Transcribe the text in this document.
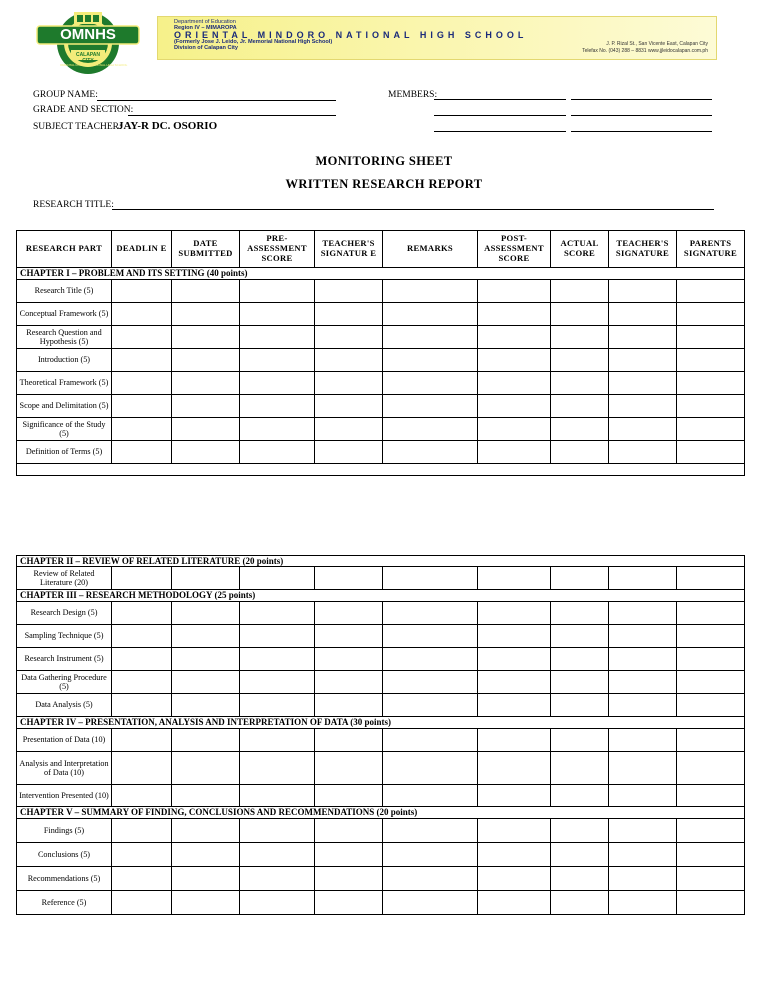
OMNHS
CALAPAN CITY
ORIENTAL MINDORO NATIONAL HIGH SCHOOL
Department of Education
Region IV – MIMAROPA
ORIENTAL MINDORO NATIONAL HIGH SCHOOL
(Formerly Jose J. Leido, Jr. Memorial National High School)
Division of Calapan City
J. P. Rizal St., San Vicente East, Calapan City
Telefax No. (043) 288 – 8831 www.jjleidocalapan.com.ph
GROUP NAME:
GRADE AND SECTION:
SUBJECT TEACHER:
JAY-R DC. OSORIO
MEMBERS:
MONITORING SHEET
WRITTEN RESEARCH REPORT
RESEARCH TITLE:
RESEARCH PART	DEADLIN E	DATE SUBMITTED	PRE-ASSESSMENT SCORE	TEACHER'S SIGNATUR E	REMARKS	POST-ASSESSMENT SCORE	ACTUAL SCORE	TEACHER'S SIGNATURE	PARENTS SIGNATURE
CHAPTER I – PROBLEM AND ITS SETTING (40 points)									
Research Title (5)									
Conceptual Framework (5)									
Research Question and Hypothesis (5)									
Introduction (5)									
Theoretical Framework (5)									
Scope and Delimitation (5)									
Significance of the Study (5)									
Definition of Terms (5)									

CHAPTER II – REVIEW OF RELATED LITERATURE (20 points)									
Review of Related Literature (20)									
CHAPTER III – RESEARCH METHODOLOGY (25 points)									
Research Design (5)									
Sampling Technique (5)									
Research Instrument (5)									
Data Gathering Procedure (5)									
Data Analysis (5)									
CHAPTER IV – PRESENTATION, ANALYSIS AND INTERPRETATION OF DATA (30 points)									
Presentation of Data (10)									
Analysis and Interpretation of Data (10)									
Intervention Presented (10)									
CHAPTER V – SUMMARY OF FINDING, CONCLUSIONS AND RECOMMENDATIONS (20 points)									
Findings (5)									
Conclusions (5)									
Recommendations (5)									
Reference (5)									
